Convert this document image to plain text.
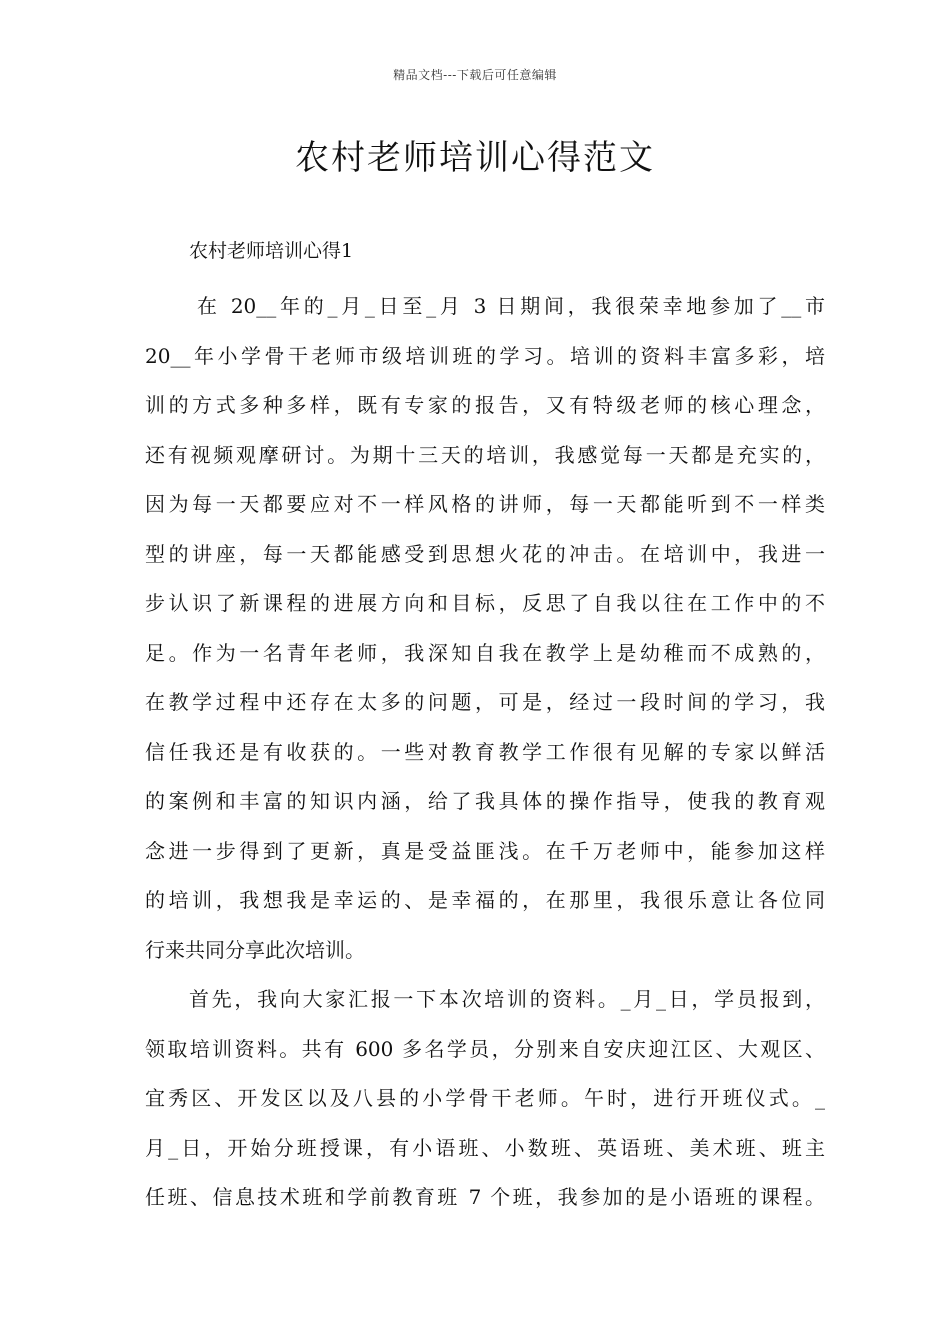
精品文档---下载后可任意编辑
农村老师培训心得范文
农村老师培训心得1
在 20__年的_月_日至_月 3 日期间，我很荣幸地参加了__市
20__年小学骨干老师市级培训班的学习。培训的资料丰富多彩，培
训的方式多种多样，既有专家的报告，又有特级老师的核心理念，
还有视频观摩研讨。为期十三天的培训，我感觉每一天都是充实的，
因为每一天都要应对不一样风格的讲师，每一天都能听到不一样类
型的讲座，每一天都能感受到思想火花的冲击。在培训中，我进一
步认识了新课程的进展方向和目标，反思了自我以往在工作中的不
足。作为一名青年老师，我深知自我在教学上是幼稚而不成熟的，
在教学过程中还存在太多的问题，可是，经过一段时间的学习，我
信任我还是有收获的。一些对教育教学工作很有见解的专家以鲜活
的案例和丰富的知识内涵，给了我具体的操作指导，使我的教育观
念进一步得到了更新，真是受益匪浅。在千万老师中，能参加这样
的培训，我想我是幸运的、是幸福的，在那里，我很乐意让各位同
行来共同分享此次培训。
首先，我向大家汇报一下本次培训的资料。_月_日，学员报到，
领取培训资料。共有 600 多名学员，分别来自安庆迎江区、大观区、
宜秀区、开发区以及八县的小学骨干老师。午时，进行开班仪式。_
月_日，开始分班授课，有小语班、小数班、英语班、美术班、班主
任班、信息技术班和学前教育班 7 个班，我参加的是小语班的课程。
